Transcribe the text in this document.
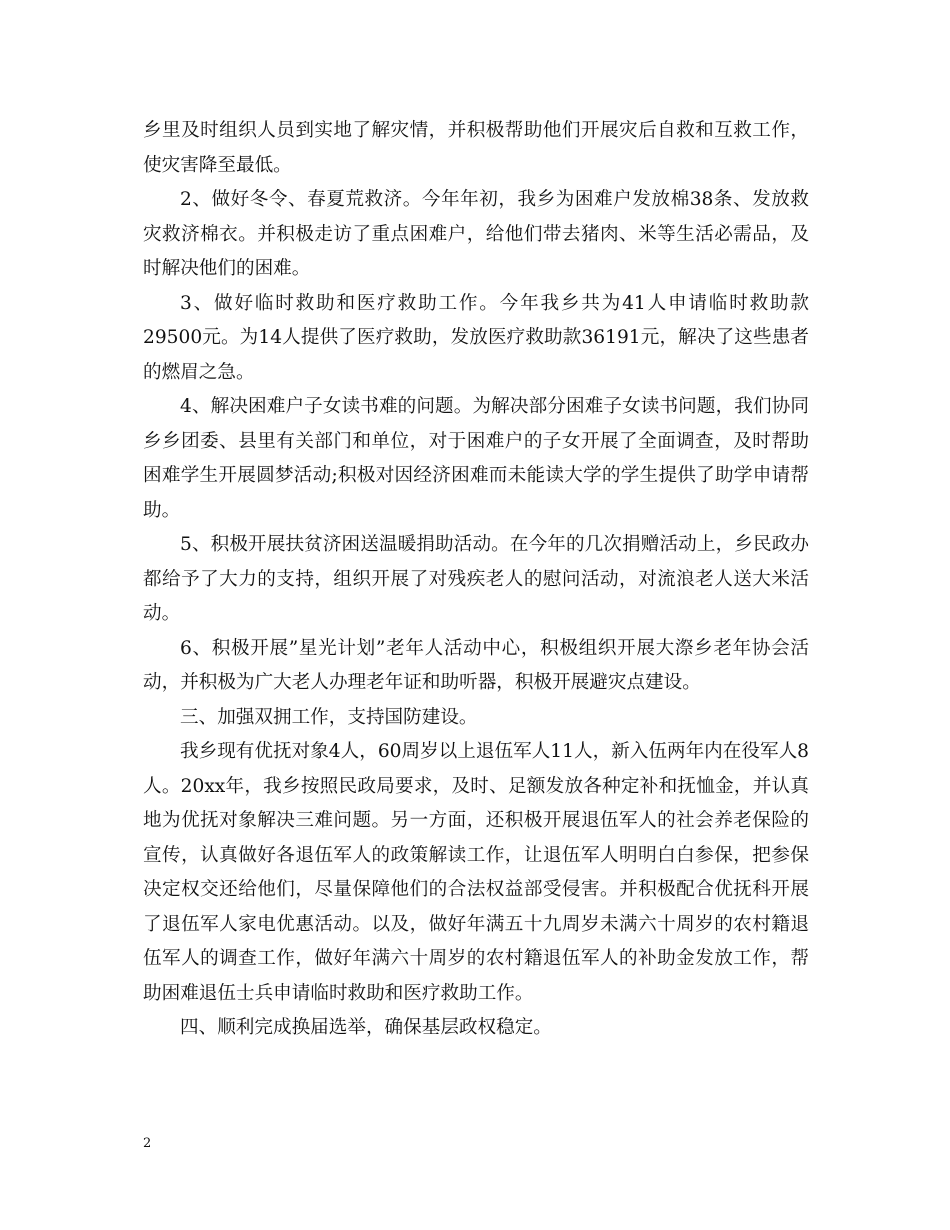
乡里及时组织人员到实地了解灾情，并积极帮助他们开展灾后自救和互救工作，使灾害降至最低。

2、做好冬令、春夏荒救济。今年年初，我乡为困难户发放棉38条、发放救灾救济棉衣。并积极走访了重点困难户，给他们带去猪肉、米等生活必需品，及时解决他们的困难。

3、做好临时救助和医疗救助工作。今年我乡共为41人申请临时救助款29500元。为14人提供了医疗救助，发放医疗救助款36191元，解决了这些患者的燃眉之急。

4、解决困难户子女读书难的问题。为解决部分困难子女读书问题，我们协同乡乡团委、县里有关部门和单位，对于困难户的子女开展了全面调查，及时帮助困难学生开展圆梦活动;积极对因经济困难而未能读大学的学生提供了助学申请帮助。

5、积极开展扶贫济困送温暖捐助活动。在今年的几次捐赠活动上，乡民政办都给予了大力的支持，组织开展了对残疾老人的慰问活动，对流浪老人送大米活动。

6、积极开展”星光计划”老年人活动中心，积极组织开展大漈乡老年协会活动，并积极为广大老人办理老年证和助听器，积极开展避灾点建设。

三、加强双拥工作，支持国防建设。

我乡现有优抚对象4人，60周岁以上退伍军人11人，新入伍两年内在役军人8人。20xx年，我乡按照民政局要求，及时、足额发放各种定补和抚恤金，并认真地为优抚对象解决三难问题。另一方面，还积极开展退伍军人的社会养老保险的宣传，认真做好各退伍军人的政策解读工作，让退伍军人明明白白参保，把参保决定权交还给他们，尽量保障他们的合法权益部受侵害。并积极配合优抚科开展了退伍军人家电优惠活动。以及，做好年满五十九周岁未满六十周岁的农村籍退伍军人的调查工作，做好年满六十周岁的农村籍退伍军人的补助金发放工作，帮助困难退伍士兵申请临时救助和医疗救助工作。

四、顺利完成换届选举，确保基层政权稳定。

2
